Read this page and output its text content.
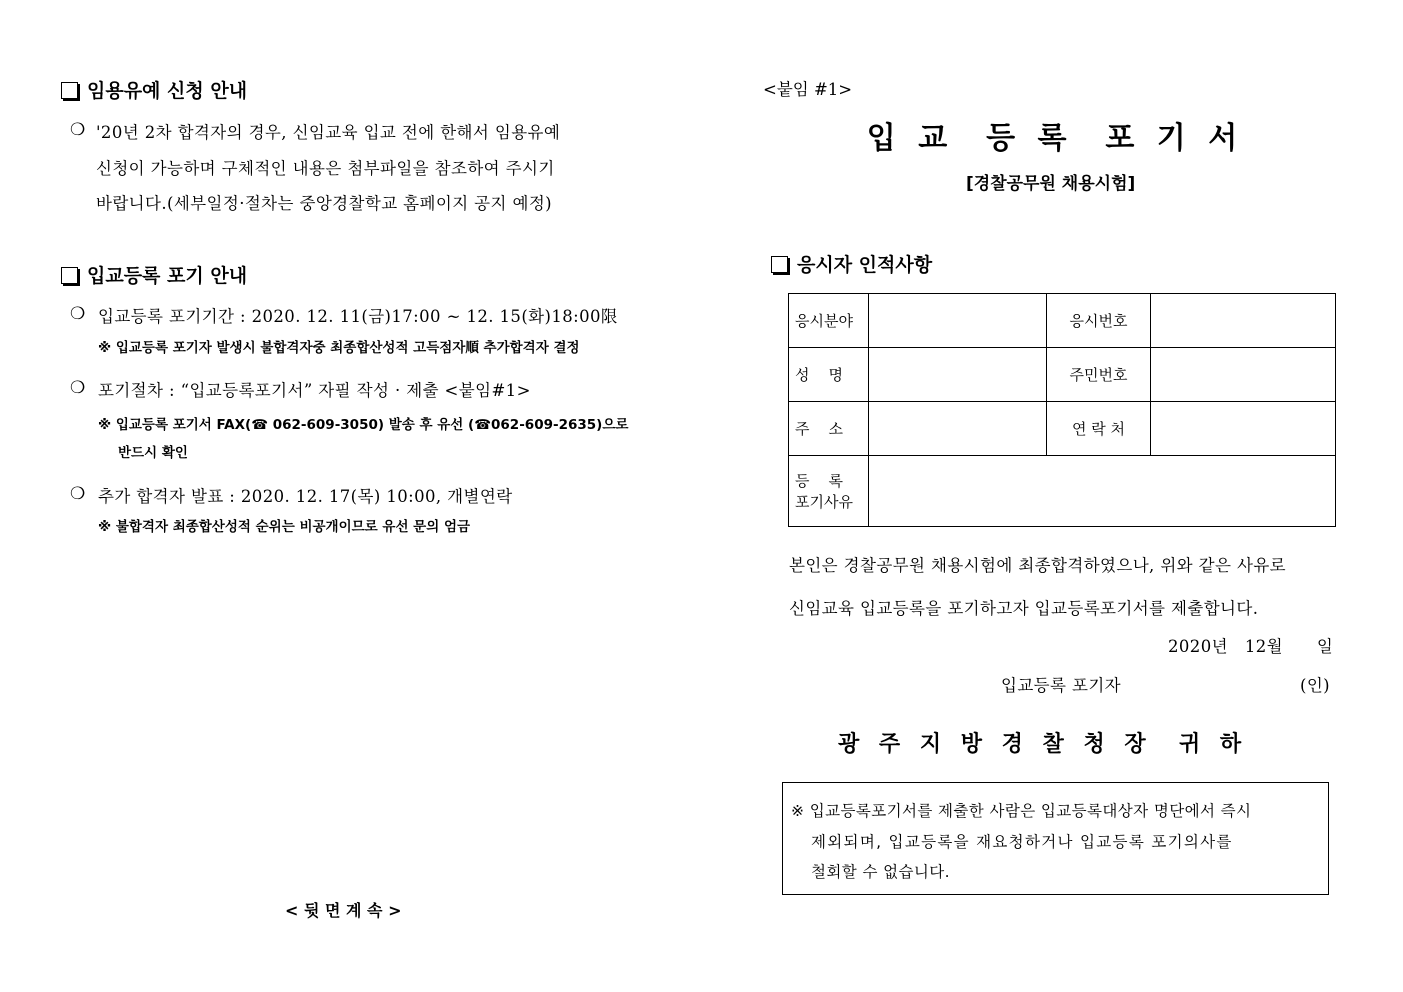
임용유예 신청 안내
❍ '20년 2차 합격자의 경우, 신임교육 입교 전에 한해서 임용유예
신청이 가능하며 구체적인 내용은 첨부파일을 참조하여 주시기
바랍니다.(세부일정·절차는 중앙경찰학교 홈페이지 공지 예정)
입교등록 포기 안내
❍ 입교등록 포기기간 : 2020. 12. 11(금)17:00 ~ 12. 15(화)18:00限
※ 입교등록 포기자 발생시 불합격자중 최종합산성적 고득점자順 추가합격자 결정
❍ 포기절차 : “입교등록포기서” 자필 작성 · 제출 <붙임#1>
※ 입교등록 포기서 FAX(☎ 062-609-3050) 발송 후 유선 (☎062-609-2635)으로
반드시 확인
❍ 추가 합격자 발표 : 2020. 12. 17(목) 10:00, 개별연락
※ 불합격자 최종합산성적 순위는 비공개이므로 유선 문의 엄금
< 뒷 면 계 속 >
<붙임 #1>
입 교  등 록  포 기 서
[경찰공무원 채용시험]
응시자 인적사항
응시분야		응시번호	
성    명		주민번호	
주    소		연 락 처	

등    록
포기사유			

본인은 경찰공무원 채용시험에 최종합격하였으나, 위와 같은 사유로
신임교육 입교등록을 포기하고자 입교등록포기서를 제출합니다.
2020년   12월      일
입교등록 포기자	(인)
광 주 지 방 경 찰 청 장  귀 하
※ 입교등록포기서를 제출한 사람은 입교등록대상자 명단에서 즉시
제외되며, 입교등록을 재요청하거나 입교등록 포기의사를
철회할 수 없습니다.
